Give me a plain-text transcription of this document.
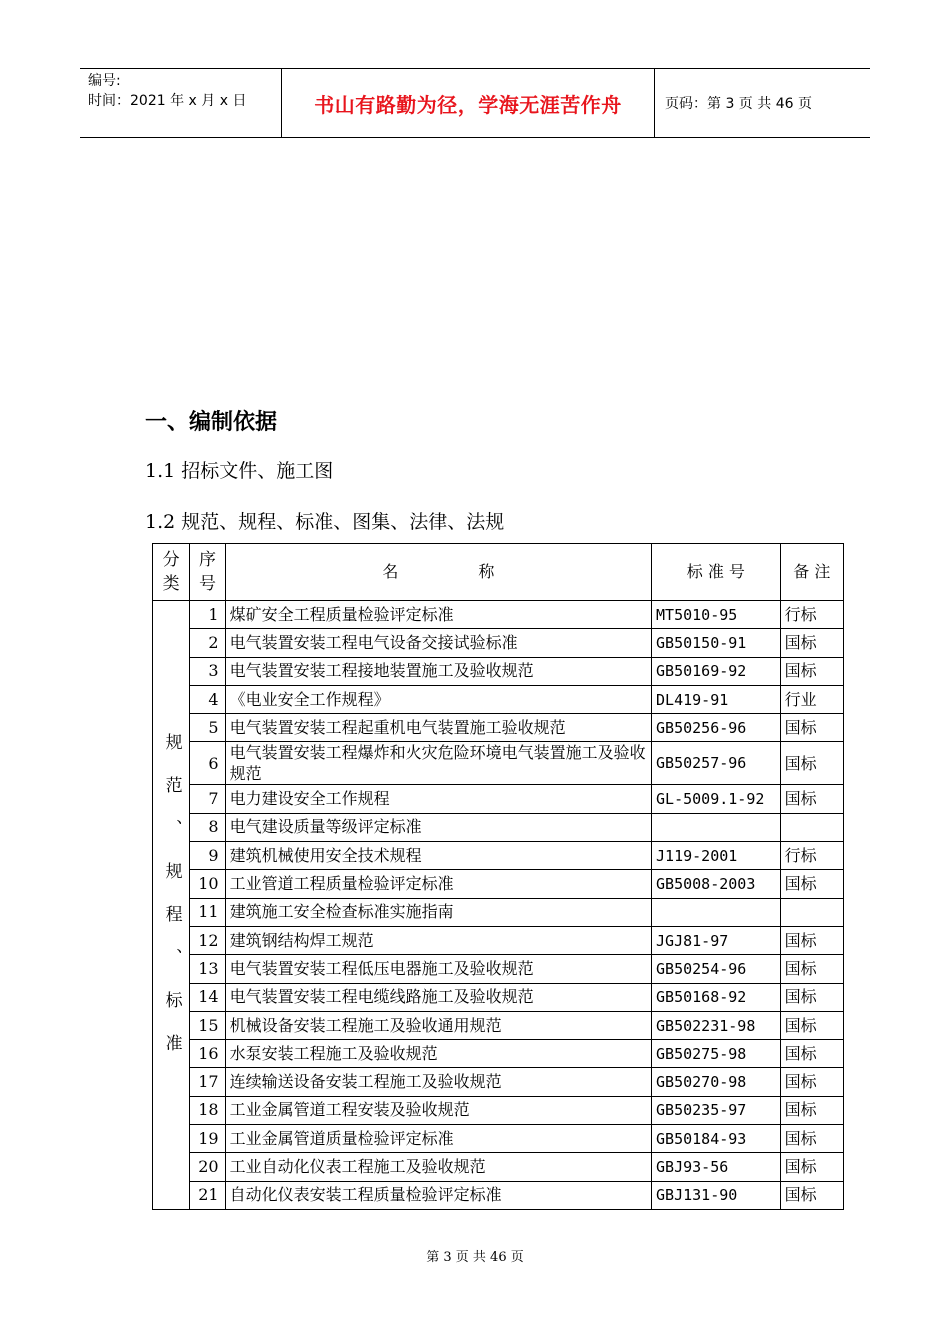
编号:
时间：2021 年 x 月 x 日	书山有路勤为径，学海无涯苦作舟	页码：第 3 页 共 46 页
一、编制依据
1.1 招标文件、施工图
1.2 规范、规程、标准、图集、法律、法规
分类	序号	名　　　　　称	标 准 号	备 注
规范、规程、标准	1	煤矿安全工程质量检验评定标准	MT5010-95	行标
	2	电气装置安装工程电气设备交接试验标准	GB50150-91	国标
	3	电气装置安装工程接地装置施工及验收规范	GB50169-92	国标
	4	《电业安全工作规程》	DL419-91	行业
	5	电气装置安装工程起重机电气装置施工验收规范	GB50256-96	国标
	6	电气装置安装工程爆炸和火灾危险环境电气装置施工及验收规范	GB50257-96	国标
	7	电力建设安全工作规程	GL-5009.1-92	国标
	8	电气建设质量等级评定标准		
	9	建筑机械使用安全技术规程	J119-2001	行标
	10	工业管道工程质量检验评定标准	GB5008-2003	国标
	11	建筑施工安全检查标准实施指南		
	12	建筑钢结构焊工规范	JGJ81-97	国标
	13	电气装置安装工程低压电器施工及验收规范	GB50254-96	国标
	14	电气装置安装工程电缆线路施工及验收规范	GB50168-92	国标
	15	机械设备安装工程施工及验收通用规范	GB502231-98	国标
	16	水泵安装工程施工及验收规范	GB50275-98	国标
	17	连续输送设备安装工程施工及验收规范	GB50270-98	国标
	18	工业金属管道工程安装及验收规范	GB50235-97	国标
	19	工业金属管道质量检验评定标准	GB50184-93	国标
	20	工业自动化仪表工程施工及验收规范	GBJ93-56	国标
	21	自动化仪表安装工程质量检验评定标准	GBJ131-90	国标
第 3 页 共 46 页
